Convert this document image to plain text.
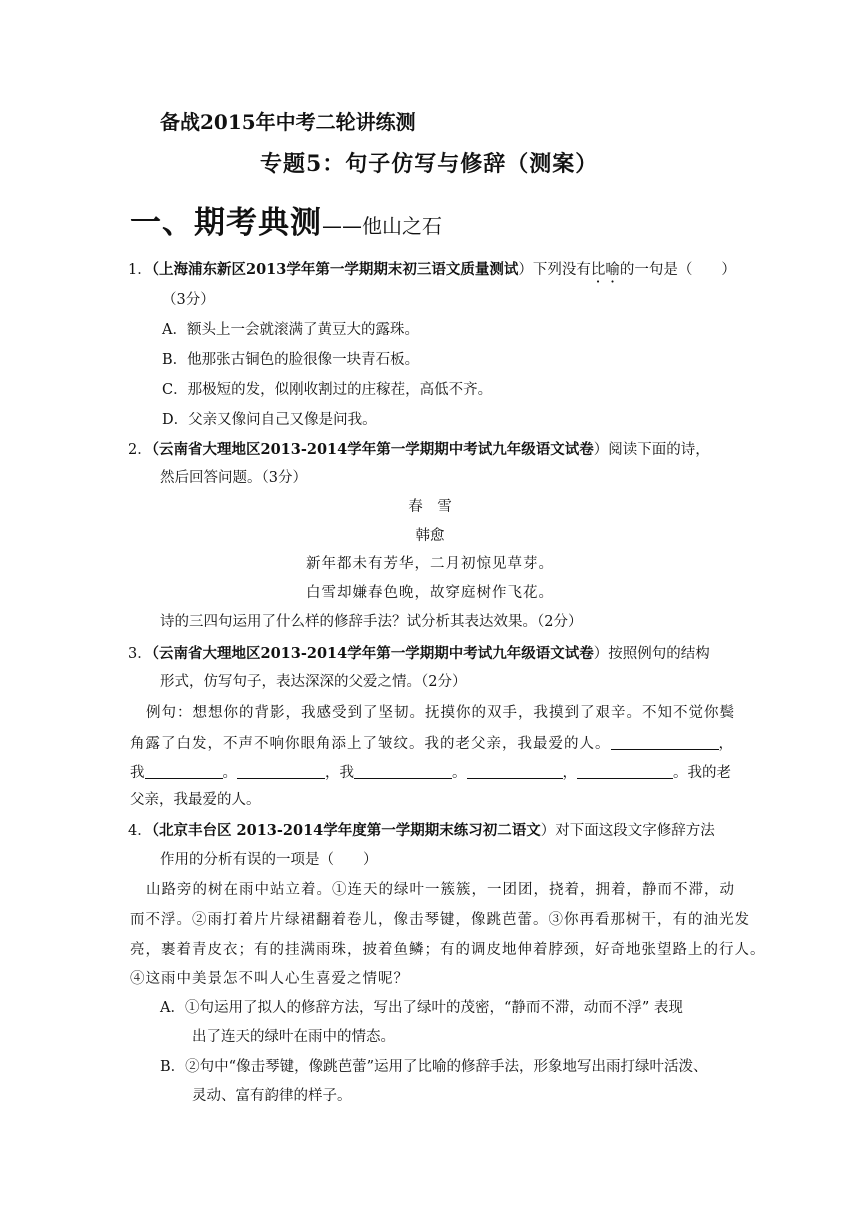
备战2015年中考二轮讲练测
专题5：句子仿写与修辞（测案）
一、期考典测——他山之石
1．（上海浦东新区2013学年第一学期期末初三语文质量测试）下列没有比喻的一句是（　　）
（3分）
A．额头上一会就滚满了黄豆大的露珠。
B．他那张古铜色的脸很像一块青石板。
C．那极短的发，似刚收割过的庄稼茬，高低不齐。
D．父亲又像问自己又像是问我。
2．（云南省大理地区2013-2014学年第一学期期中考试九年级语文试卷）阅读下面的诗，
然后回答问题。（3分）
春　雪
韩愈
新年都未有芳华，二月初惊见草芽。
白雪却嫌春色晚，故穿庭树作飞花。
诗的三四句运用了什么样的修辞手法？试分析其表达效果。（2分）
3．（云南省大理地区2013-2014学年第一学期期中考试九年级语文试卷）按照例句的结构
形式，仿写句子，表达深深的父爱之情。（2分）
例句：想想你的背影，我感受到了坚韧。抚摸你的双手，我摸到了艰辛。不知不觉你鬓
角露了白发，不声不响你眼角添上了皱纹。我的老父亲，我最爱的人。	，
我	。	，我	。	，	。我的老
父亲，我最爱的人。
4．（北京丰台区 2013-2014学年度第一学期期末练习初二语文）对下面这段文字修辞方法
作用的分析有误的一项是（　　）
山路旁的树在雨中站立着。①连天的绿叶一簇簇，一团团，挠着，拥着，静而不滞，动
而不浮。②雨打着片片绿裙翻着卷儿，像击琴键，像跳芭蕾。③你再看那树干，有的油光发
亮，裹着青皮衣；有的挂满雨珠，披着鱼鳞；有的调皮地伸着脖颈，好奇地张望路上的行人。
④这雨中美景怎不叫人心生喜爱之情呢？
A．①句运用了拟人的修辞方法，写出了绿叶的茂密，“静而不滞，动而不浮” 表现
出了连天的绿叶在雨中的情态。
B．②句中“像击琴键，像跳芭蕾”运用了比喻的修辞手法，形象地写出雨打绿叶活泼、
灵动、富有韵律的样子。
